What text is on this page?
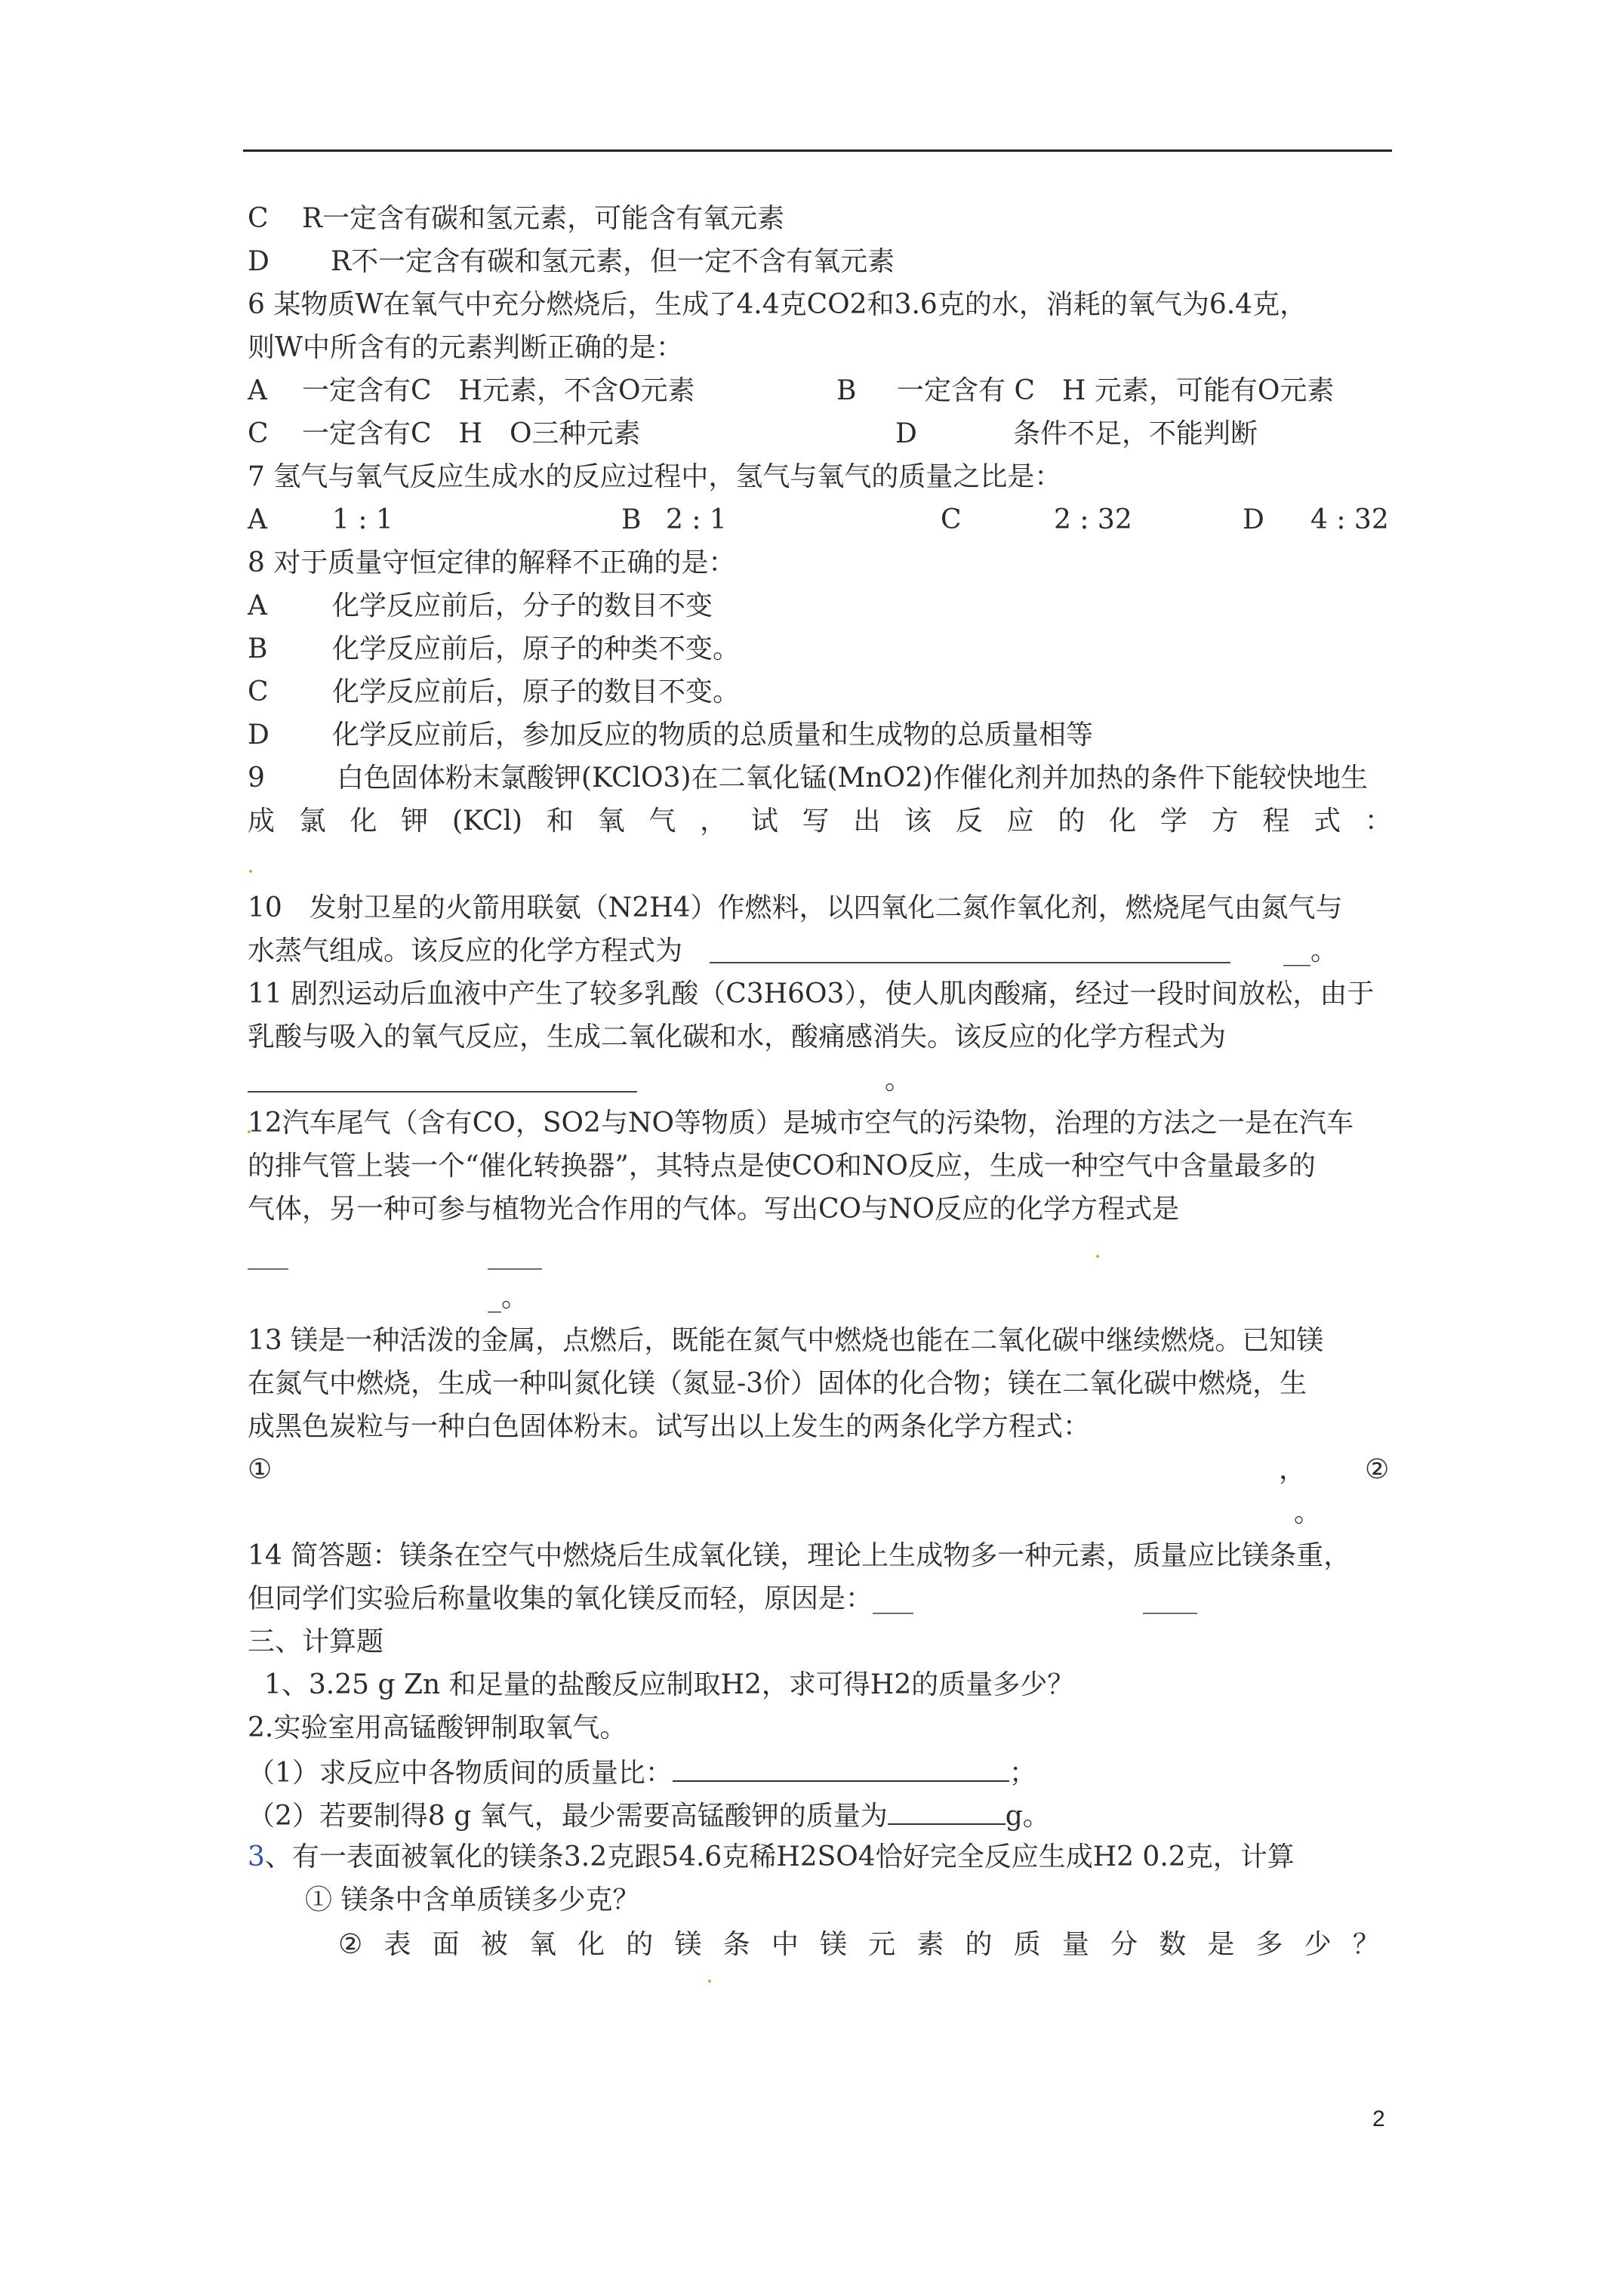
C R一定含有碳和氢元素，可能含有氧元素
D R不一定含有碳和氢元素，但一定不含有氧元素
6 某物质W在氧气中充分燃烧后，生成了4.4克CO2和3.6克的水，消耗的氧气为6.4克，
则W中所含有的元素判断正确的是：
A 一定含有C　H元素，不含O元素	B 一定含有 C　H 元素，可能有O元素
C 一定含有C　H　O三种元素	D	条件不足，不能判断
7 氢气与氧气反应生成水的反应过程中，氢气与氧气的质量之比是：
A 1 : 1	B 2 : 1	C	2 : 32	D 4 : 32
8 对于质量守恒定律的解释不正确的是：
A 化学反应前后，分子的数目不变
B 化学反应前后，原子的种类不变。
C 化学反应前后，原子的数目不变。
D 化学反应前后，参加反应的物质的总质量和生成物的总质量相等
9	白色固体粉末氯酸钾(KClO3)在二氧化锰(MnO2)作催化剂并加热的条件下能较快地生
成 氯 化 钾 (KCl) 和 氧 气 ， 试 写 出 该 反 应 的 化 学 方 程 式 ：
10　发射卫星的火箭用联氨（N2H4）作燃料，以四氧化二氮作氧化剂，燃烧尾气由氮气与
水蒸气组成。该反应的化学方程式为	__。
11 剧烈运动后血液中产生了较多乳酸（C3H6O3），使人肌肉酸痛，经过一段时间放松，由于
乳酸与吸入的氧气反应，生成二氧化碳和水，酸痛感消失。该反应的化学方程式为
。
12汽车尾气（含有CO，SO2与NO等物质）是城市空气的污染物，治理的方法之一是在汽车
的排气管上装一个“催化转换器”，其特点是使CO和NO反应，生成一种空气中含量最多的
气体，另一种可参与植物光合作用的气体。写出CO与NO反应的化学方程式是
___	____
_。
13 镁是一种活泼的金属，点燃后，既能在氮气中燃烧也能在二氧化碳中继续燃烧。已知镁
在氮气中燃烧，生成一种叫氮化镁（氮显-3价）固体的化合物；镁在二氧化碳中燃烧，生
成黑色炭粒与一种白色固体粉末。试写出以上发生的两条化学方程式：
①	， ②
。
14 简答题：镁条在空气中燃烧后生成氧化镁，理论上生成物多一种元素，质量应比镁条重，
但同学们实验后称量收集的氧化镁反而轻，原因是：___	____
三、计算题
1、3.25 g Zn 和足量的盐酸反应制取H2，求可得H2的质量多少？
2.实验室用高锰酸钾制取氧气。
（1）求反应中各物质间的质量比：	；
（2）若要制得8 g 氧气，最少需要高锰酸钾的质量为	g。
3、有一表面被氧化的镁条3.2克跟54.6克稀H2SO4恰好完全反应生成H2 0.2克，计算
① 镁条中含单质镁多少克？
② 表 面 被 氧 化 的 镁 条 中 镁 元 素 的 质 量 分 数 是 多 少 ？
2
